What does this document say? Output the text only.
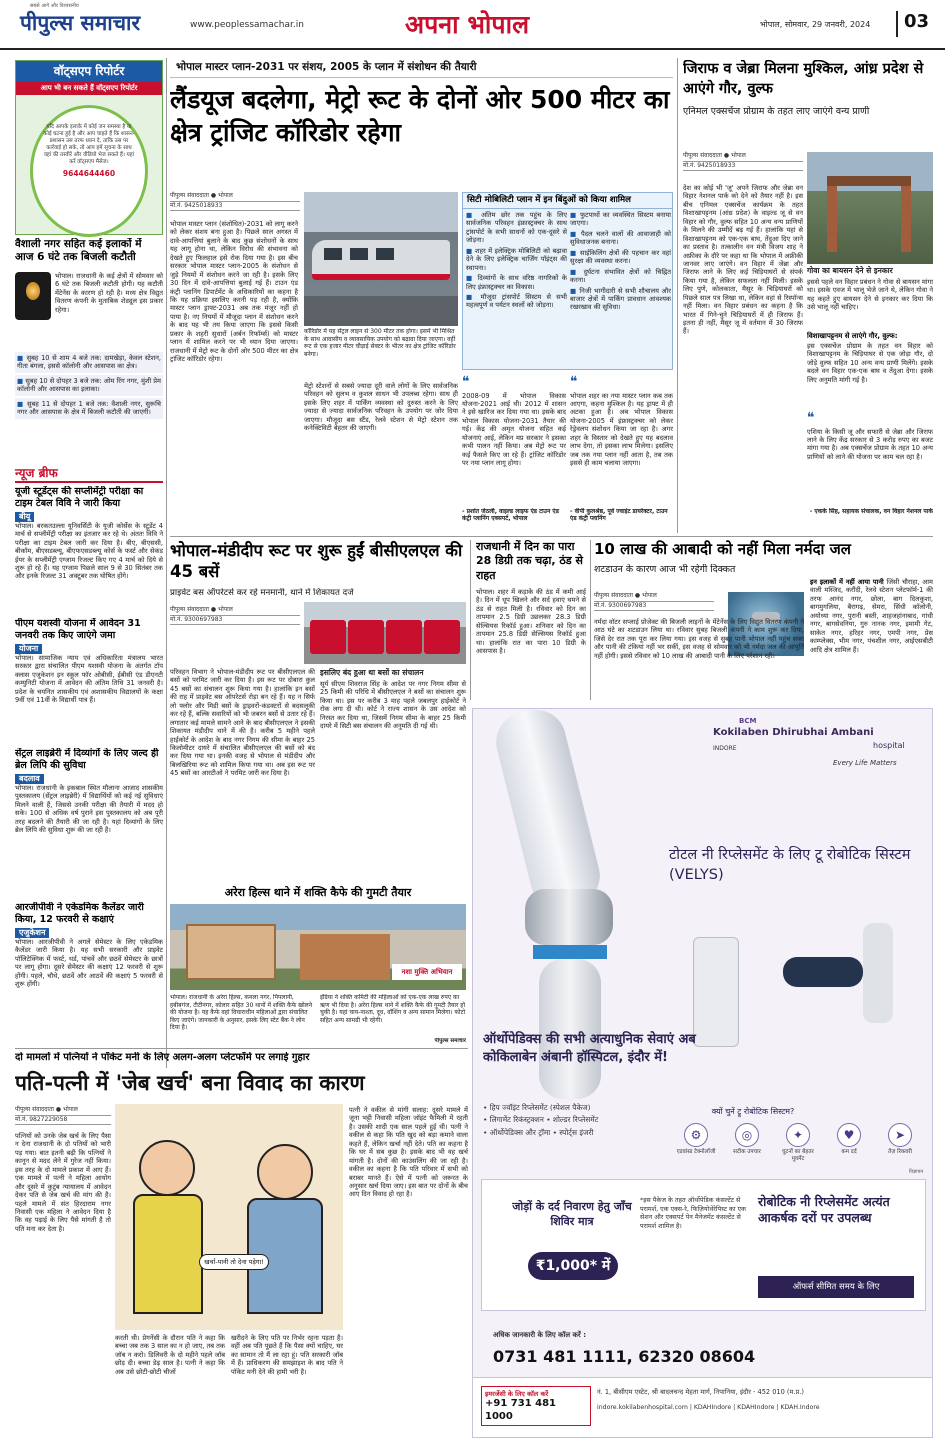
सबसे आगे और विश्वसनीय
पीपुल्स समाचार	www.peoplessamachar.in	अपना भोपाल	भोपाल, सोमवार, 29 जनवरी, 2024	03
वॉट्सएप रिपोर्टर
आप भी बन सकते हैं वॉट्सएप रिपोर्टर
यदि आपके इलाके में कोई जन समस्या है या कोई घटना हुई है और आप चाहते हैं कि शासन-प्रशासन उस तरफ ध्यान दे, ताकि उस पर कार्रवाई हो सके, तो आप हमें सूचना के साथ वहां की तस्वीरें और वीडियो भेज सकते हैं। यहां करें वॉट्सएप मैसेज।
9644644460
वैशाली नगर सहित कई इलाकों में आज 6 घंटे तक बिजली कटौती
भोपाल। राजधानी के कई क्षेत्रों में सोमवार को 6 घंटे तक बिजली कटौती होगी। यह कटौती मेंटेनेंस के कारण हो रही है। मध्य क्षेत्र विद्युत वितरण कंपनी के मुताबिक शेड्यूल इस प्रकार रहेगा।
■ सुबह 10 से शाम 4 बजे तक: दामखेड़ा, केवल स्टेशन, गीता बंगला, इससे कॉलोनी और आसपास का क्षेत्र।
■ सुबह 10 से दोपहर 3 बजे तक: ओम रिंग नगर, मुंशी प्रेम कॉलोनी और आसपास का इलाका।
■ सुबह 11 से दोपहर 1 बजे तक: वैशाली नगर, सुरूचि नगर और आसपास के क्षेत्र में बिजली कटौती की जाएगी।
न्यूज ब्रीफ
यूजी स्टूडेंट्स की सप्लीमेंट्री परीक्षा का टाइम टेबल विवि ने जारी किया
बीयू
भोपाल। बरकतउल्ला यूनिवर्सिटी के यूजी कोर्सेस के स्टूडेंट 4 मार्च से सप्लीमेंट्री परीक्षा का इंतजार कर रहे थे। अंततः विवि ने परीक्षा का टाइम टेबल जारी कर दिया है। बीए, बीएससी, बीकॉम, बीएसडब्ल्यू, बीएफएसडब्ल्यू कोर्स के फर्स्ट और सेकंड ईयर के सप्लीमेंट्री एग्जाम रिजल्ट किए गए 4 मार्च को दिये से शुरू हो रहे हैं। यह एग्जाम पिछले साल 9 से 30 सितंबर तक और इनके रिजल्ट 31 अक्टूबर तक घोषित होंगे।
पीएम यशस्वी योजना में आवेदन 31 जनवरी तक किए जाएंगे जमा
योजना
भोपाल। सामाजिक न्याय एवं अधिकारिता मंत्रालय भारत सरकार द्वारा संचालित पीएम यशस्वी योजना के अंतर्गत टॉप क्लास एजुकेशन इन स्कूल फॉर ओबीसी, ईबीसी एंड डीएनटी कम्युनिटी योजना में आवेदन की अंतिम तिथि 31 जनवरी है। प्रदेश के चयनित शासकीय एवं अशासकीय विद्यालयों के कक्षा 9वीं एवं 11वीं के विद्यार्थी पात्र हैं।
सेंट्रल लाइब्रेरी में दिव्यांगों के लिए जल्द ही ब्रेल लिपि की सुविधा
बदलाव
भोपाल। राजधानी के इकबाल स्थित मौलाना आजाद शासकीय पुस्तकालय (सेंट्रल लाइब्रेरी) में विद्यार्थियों को कई नई सुविधाएं मिलने वाली हैं, जिससे उनकी परीक्षा की तैयारी में मदद हो सके। 100 से अधिक वर्ष पुराने इस पुस्तकालय को अब पूरी तरह बदलने की तैयारी की जा रही है। यहां दिव्यांगों के लिए ब्रेल लिपि की सुविधा शुरू की जा रही है।
आरजीपीवी ने एकेडमिक कैलेंडर जारी किया, 12 फरवरी से कक्षाएं
एजुकेशन
भोपाल। आरजीपीवी ने अगले सेमेस्टर के लिए एकेडमिक कैलेंडर जारी किया है। यह सभी सरकारी और प्राइवेट पॉलिटेक्निक में फर्स्ट, थर्ड, पांचवें और छठवें सेमेस्टर के छात्रों पर लागू होगा। दूसरे सेमेस्टर की कक्षाएं 12 फरवरी से शुरू होंगी। पहले, चौथे, छठवें और आठवें की कक्षाएं 5 फरवरी से शुरू होंगी।
भोपाल मास्टर प्लान-2031 पर संशय, 2005 के प्लान में संशोधन की तैयारी
लैंडयूज बदलेगा, मेट्रो रूट के दोनों ओर 500 मीटर का क्षेत्र ट्रांजिट कॉरिडोर रहेगा
पीपुल्स संवाददाता ● भोपाल
मो.नं. 9425018933
भोपाल मास्टर प्लान (संशोधित)-2031 को लागू करने को लेकर संशय बना हुआ है। पिछले साल अगस्त में दावे-आपत्तियां बुलाने के बाद कुछ संशोधनों के साथ यह लागू होना था, लेकिन विरोध की संभावना को देखते हुए फिलहाल इसे रोक दिया गया है। इस बीच सरकार भोपाल मास्टर प्लान-2005 के संशोधन से जुड़े नियमों में संशोधन करने जा रही है। इसके लिए 30 दिन में दावे-आपत्तियां बुलाई गई हैं। टाउन एंड कंट्री प्लानिंग डिपार्टमेंट के अधिकारियों का कहना है कि यह प्रक्रिया इसलिए करनी पड़ रही है, क्योंकि मास्टर प्लान ड्राफ्ट-2031 अब तक मंजूर नहीं हो पाया है। नए नियमों में मौजूदा प्लान में संशोधन करने के बाद यह भी तय किया जाएगा कि इससे किसी प्रकार के शहरी सुधारों (अर्बन रिफॉर्म्स) को मास्टर प्लान में शामिल करने पर भी ध्यान दिया जाएगा। राजधानी में मेट्रो रूट के दोनों ओर 500 मीटर का क्षेत्र ट्रांजिट कॉरिडोर रहेगा।
कॉरिडोर में यह सेंट्रल लाइन से 300 मीटर तक होगा। इसमें भी मिश्रित के साथ आवासीय व व्यावसायिक उपयोग को बढ़ावा दिया जाएगा। वहीं रूट से एक हजार मीटर चौड़ाई सेक्टर के भीतर का क्षेत्र ट्रांजिट कॉरिडोर बनेगा।
मेट्रो स्टेशनों से सबसे ज्यादा दूरी वाले लोगों के लिए सार्वजनिक परिवहन को सुलभ व कुशल साधन भी उपलब्ध रहेगा। साथ ही इसके लिए शहर में पार्किंग व्यवस्था को दुरुस्त करने के लिए ज्यादा से ज्यादा सार्वजनिक परिवहन के उपयोग पर जोर दिया जाएगा। मौजूदा बस स्टैंड, रेलवे स्टेशन से मेट्रो स्टेशन तक कनेक्टिविटी बेहतर की जाएगी।
सिटी मोबिलिटी प्लान में इन बिंदुओं को किया शामिल
■ अंतिम छोर तक पहुंच के लिए सार्वजनिक परिवहन इंफ्रास्ट्रक्चर के साथ ट्रांसपोर्ट के सभी साधनों को एक-दूसरे से जोड़ना।
■ शहर में इलेक्ट्रिक मोबिलिटी को बढ़ावा देने के लिए इलेक्ट्रिक चार्जिंग पॉइंट्स की स्थापना।
■ दिव्यांगों के साथ वरिष्ठ नागरिकों के लिए इंफ्रास्ट्रक्चर का विकास।
■ मौजूदा ट्रांसपोर्ट सिस्टम से सभी महत्वपूर्ण व पर्यटन स्थलों को जोड़ना।
■ फुटपाथों का व्यवस्थित सिस्टम बनाया जाएगा।
■ पैदल चलने वालों की आवाजाही को सुविधाजनक बनाना।
■ साईकिलिंग क्षेत्रों की पहचान कर वहां सुरक्षा की व्यवस्था करना।
■ दुर्घटना संभावित क्षेत्रों को चिह्नित करना।
■ निजी भागीदारी से सभी शौचालय और बाजार क्षेत्रों में पार्किंग प्रावधान आवश्यक रखरखाव की सुविधा।
❝
2008-09 में भोपाल विकास योजना-2021 आई थी। 2012 में शासन ने इसे खारिज कर दिया गया था। इसके बाद भोपाल विकास योजना-2031 तैयार की गई। केंद्र की अमृत योजना सहित कई योजनाएं आई, लेकिन मप्र सरकार ने इसका कभी पालन नहीं किया। अब मेट्रो रूट पर कई फैसले किए जा रहे हैं। ट्रांजिट कॉरिडोर पर नया प्लान लागू होगा।
- प्रशांत जेठली, वाइल्ड लाइफ एंड टाउन एंड कंट्री प्लानिंग एक्सपर्ट, भोपाल
❝
भोपाल शहर का नया मास्टर प्लान कब तक आएगा, कहना मुश्किल है। यह ड्राफ्ट में ही अटका हुआ है। अब भोपाल विकास योजना-2005 में इंफ्रास्ट्रक्चर को लेकर रेड्रेवलप संशोधन किया जा रहा है। अगर शहर के विस्तार को देखते हुए यह बदलाव लाभ देगा, तो इसका लाभ मिलेगा। इसलिए जब तक नया प्लान नहीं आता है, तब तक इससे ही काम चलाया जाएगा।
- वीपी कुलश्रेष्ठ, पूर्व ज्वाइंट डायरेक्टर, टाउन एंड कंट्री प्लानिंग
जिराफ व जेब्रा मिलना मुश्किल, आंध्र प्रदेश से आएंगे गौर, वुल्फ
एनिमल एक्सचेंज प्रोग्राम के तहत लाए जाएंगे वन्य प्राणी
पीपुल्स संवाददाता ● भोपाल
मो.नं. 9425018933
देश का कोई भी 'जू' अपने जिराफ और जेब्रा वन विहार नेशनल पार्क को देने को तैयार नहीं है। इस बीच एनिमल एक्सचेंज कार्यक्रम के तहत विशाखापट्टनम (आंध्र प्रदेश) के वाइल्ड जू से वन विहार को गौर, वुल्फ सहित 10 अन्य वन्य प्राणियों के मिलने की उम्मीदें बढ़ गई हैं। हालांकि यहां से विशाखापट्टनम को एक-एक बाघ, तेंदुआ दिए जाने का प्रस्ताव है। तत्कालीन वन मंत्री विजय शाह ने अफ्रीका के दौरे पर कहा था कि भोपाल में अफ्रीकी जानवर लाए जाएंगे। वन विहार में जेब्रा और जिराफ लाने के लिए कई चिड़ियाघरों से संपर्क किया गया है, लेकिन सफलता नहीं मिली। इसके लिए पुणे, कोलकाता, मैसूर के चिड़ियाघरों को पिछले साल पत्र लिखा था, लेकिन वहां से रिस्पॉन्स नहीं मिला। वन विहार प्रबंधन का कहना है कि भारत में गिने-चुने चिड़ियाघरों में ही जिराफ हैं। इतना ही नहीं, मैसूर जू में वर्तमान में 30 जिराफ हैं।
गोवा का बायसन देने से इनकार
इससे पहले वन विहार प्रबंधन ने गोवा से बायसन मांगा था। इसके एवज में भालू भेजे जाने थे, लेकिन गोवा ने यह कहते हुए बायसन देने से इनकार कर दिया कि उसे भालू नहीं चाहिए।
विशाखापट्टनम से लाएंगे गौर, वुल्फ:
इस एक्सचेंज प्रोग्राम के तहत वन विहार को विशाखापट्टनम के चिड़ियाघर से एक जोड़ा गौर, दो जोड़े वुल्फ सहित 10 अन्य वन्य प्राणी मिलेंगे। इसके बदले वन विहार एक-एक बाघ व तेंदुआ देगा। इसके लिए अनुमति मांगी गई है।
❝
एशिया के किसी जू और सफारी से जेब्रा और जिराफ लाने के लिए केंद्र सरकार से 3 करोड़ रुपए का बजट मांगा गया है। अब एक्सचेंज प्रोग्राम के तहत 10 अन्य प्राणियों को लाने की योजना पर काम चल रहा है।
- एकके सिंह, सहायक संचालक, वन विहार नेशनल पार्क
भोपाल-मंडीदीप रूट पर शुरू हुईं बीसीएलएल की 45 बसें
प्राइवेट बस ऑपरेटर्स कर रहे मनमानी, थाने में शिकायत दर्ज
पीपुल्स संवाददाता ● भोपाल
मो.नं. 9300697983
परिवहन विभाग ने भोपाल-मंडीदीप रूट पर बीसीएलएल की बसों को परमिट जारी कर दिया है। इस रूट पर दोबारा कुल 45 बसों का संचालन शुरू किया गया है। हालांकि इन बसों की राह में प्राइवेट बस ऑपरेटर्स रोड़ा बन रहे हैं। यह न सिर्फ लो फ्लोर और मिडी बसों के ड्राइवरों-कंडक्टरों से बदसलूकी कर रहे हैं, बल्कि सवारियों को भी जबरन बसों से उतार रहे हैं। लगातार कई मामले सामने आने के बाद बीसीएलएल ने इसकी शिकायत मंडीदीप थाने में की है। करीब 5 महीने पहले हाईकोर्ट के आदेश के बाद नगर निगम की सीमा के बाहर 25 किलोमीटर दायरे में संचालित बीसीएलएल की बसों को बंद कर दिया गया था। इनकी वजह से भोपाल से मंडीदीप और बिलखिरिया रूट को शामिल किया गया था। अब इस रूट पर 45 बसों का आरटीओ ने परमिट जारी कर दिया है।
इसलिए बंद हुआ था बसों का संचालन
सूर्य सीएम शिवराज सिंह के आदेश पर नगर निगम सीमा से 25 किमी की परिधि में बीसीएलएल ने बसों का संचालन शुरू किया था। इस पर करीब 3 माह पहले जबलपुर हाईकोर्ट ने रोक लगा दी थी। कोर्ट ने राज्य शासन के उस आदेश को निरस्त कर दिया था, जिसमें निगम सीमा के बाहर 25 किमी दायरे में सिटी बस संचालन की अनुमति दी गई थी।
राजधानी में दिन का पारा 28 डिग्री तक चढ़ा, ठंड से राहत
भोपाल। शहर में कड़ाके की ठंड में कमी आई है। दिन में धूप खिलने और सर्द हवाएं थमने से ठंड से राहत मिली है। रविवार को दिन का तापमान 2.5 डिग्री उछलकर 28.3 डिग्री सेल्सियस रिकॉर्ड हुआ। शनिवार को दिन का तापमान 25.8 डिग्री सेल्सियस रिकॉर्ड हुआ था। हालांकि रात का पारा 10 डिग्री के आसपास है।
10 लाख की आबादी को नहीं मिला नर्मदा जल
शटडाउन के कारण आज भी रहेगी दिक्कत
पीपुल्स संवाददाता ● भोपाल
मो.नं. 9300697983
नर्मदा वॉटर सप्लाई प्रोजेक्ट की बिजली लाइनों के मेंटेनेंस के लिए विद्युत वितरण कंपनी ने आठ घंटे का शटडाउन लिया था। रविवार सुबह बिजली कंपनी ने काम शुरू कर दिया, जिसे देर रात तक पूरा कर लिया गया। इस वजह से सुबह पानी भोपाल नहीं पहुंच सका और पानी की टंकियां नहीं भर सकीं, इस वजह से सोमवार को भी नर्मदा जल की आपूर्ति नहीं होगी। इससे रविवार को 10 लाख की आबादी पानी के लिए परेशान रही।
इन इलाकों में नहीं आया पानी जिंसी चौराहा, आम वाली मस्जिद, करौंदी, रेलवे स्टेशन प्लेटफॉर्म-1 की तरफ आनंद नगर, छोला, बाग दिलकुशा, बागमुगलिया, बैरागढ़, सेमरा, सिंधी कॉलोनी, अयोध्या नगर, पुरानी बस्ती, शाहजहांनाबाद, गांधी नगर, बागसेवनिया, गुरु नानक नगर, इमामी गेट, साकेत नगर, हरिहर नगर, एमपी नगर, प्रेस काम्प्लेक्स, भीम नगर, पंचशील नगर, आईएसबीटी आदि क्षेत्र शामिल हैं।
अरेरा हिल्स थाने में शक्ति कैफे की गुमटी तैयार
नशा मुक्ति अभियान
भोपाल। राजधानी के अरेरा हिल्स, कमला नगर, पिपलानी, हबीबगंज, टीटीनगर, कोलार सहित 30 थानों में शक्ति कैफे खोलने की योजना है। यह कैफे वहां विचाराधीन महिलाओं द्वारा संचालित किए जाएंगे। जानकारी के अनुसार, इसके लिए स्टेट बैंक ने लोन दिया है।
इंडिया ने शक्ति कमिटी की महिलाओं को एक-एक लाख रुपए का ऋण भी दिया है। अरेरा हिल्स थाने में शक्ति कैफे की गुमटी तैयार हो चुकी है। यहां चाय-नाश्ता, दूध, वॉशिंग व अन्य सामान मिलेगा। फोटो सहित अन्य सामग्री भी रहेगी।
पीपुल्स समाचार
BCM
Kokilaben Dhirubhai Ambani
hospital
INDORE
Every Life Matters
टोटल नी रिप्लेसमेंट के लिए टू रोबोटिक सिस्टम (VELYS)
ऑर्थोपेडिक्स की सभी अत्याधुनिक सेवाएं अब कोकिलाबेन अंबानी हॉस्पिटल, इंदौर में!
• हिप ज्वॉइंट रिप्लेसमेंट (स्पेशल पैकेज)
• लिगामेंट रिकंस्ट्रक्शन • शोल्डर रिप्लेसमेंट
• ऑर्थोपेडिक्स और ट्रॉमा • स्पोर्ट्स इंजरी
क्यों चुनें ट्रू रोबोटिक सिस्टम?
⚙
एडवांस्ड टेक्नोलॉजी
◎
सटीक उपचार
✦
घुटनों का बेहतर मूवमेंट
♥
कम दर्द
➤
तेज़ रिकवरी
विज्ञापन
जोड़ों के दर्द निवारण हेतु जाँच शिविर मात्र
₹1,000* में
*इस पैकेज के तहत ऑर्थोपेडिक कंसल्टेंट से परामर्श, एक एक्स-रे, फिज़ियोथेरेपिस्ट का एक सेशन और एक्सपर्ट पेन मैनेजमेंट कंसल्टेंट से परामर्श शामिल है।
रोबोटिक नी रिप्लेसमेंट अत्यंत आकर्षक दरों पर उपलब्ध
ऑफर्स सीमित समय के लिए
अधिक जानकारी के लिए कॉल करें :
0731 481 1111, 62320 08604
इमरजेंसी के लिए कॉल करें
+91 731 481 1000
नं. 1, बीसीएम एस्टेट, श्री बादलचन्द मेहता मार्ग, निपानिया, इंदौर - 452 010 (म.प्र.)
indore.kokilabenhospital.com | KDAHIndore | KDAHIndore | KDAH.Indore
दो मामलों में पत्नियों ने पॉकेट मनी के लिए अलग-अलग प्लेटफॉर्म पर लगाई गुहार
पति-पत्नी में 'जेब खर्च' बना विवाद का कारण
पीपुल्स संवाददाता ● भोपाल
मो.नं. 9827229058
पत्नियों को उनके जेब खर्च के लिए पैसा न देना राजधानी के दो पतियों को भारी पड़ गया। बात इतनी बढ़ी कि पत्नियों ने कानून से मदद लेने में गुरेज नहीं किया। इस तरह के दो मामले प्रकाश में आए हैं। एक मामले में पत्नी ने महिला आयोग और दूसरे में कुटुंब न्यायालय में आवेदन देकर पति से जेब खर्च की मांग की है। पहले मामले में संत हिरदाराम नगर निवासी एक महिला ने आवेदन दिया है कि वह पढ़ाई के लिए पैसे मांगती है तो पति मना कर देता है।
खर्चा-पानी तो देना पड़ेगा!
करती थी। प्रेगनेंसी के दौरान पति ने कहा कि बच्चा जब तक 3 साल का न हो जाए, तब तक जॉब न करो। डिलिवरी के दो महीने पहले जॉब छोड़ दी। बच्चा डेढ़ साल है। पत्नी ने कहा कि अब उसे छोटी-छोटी चीजों
खरीदने के लिए पति पर निर्भर रहना पड़ता है। वहीं अब पति पूछते हैं कि पैसा क्यों चाहिए, घर का सामान तो मैं ला रहा हूं। पति सरकारी जॉब में हैं। प्राधिकरण की समझाइश के बाद पति ने पॉकेट मनी देने की हामी भरी है।
पत्नी ने वकील से मांगी सलाह: दूसरे मामले में जूना भट्टी निवासी महिला जॉइंट फैमिली में रहती है। उसकी शादी एक साल पहले हुई थी। पत्नी ने वकील से कहा कि पति खुद को बड़ा कमाने वाला कहते हैं, लेकिन खर्चा नहीं देते। पति का कहना है कि घर में सब कुछ है। इसके बाद भी वह खर्च मांगती है। दोनों की काउंसलिंग की जा रही है। वकील का कहना है कि पति परिवार में सभी को बराबर मानते हैं। ऐसे में पत्नी को जरूरत के अनुसार खर्च दिया जाए। इस बात पर दोनों के बीच आए दिन विवाद हो रहा है।
